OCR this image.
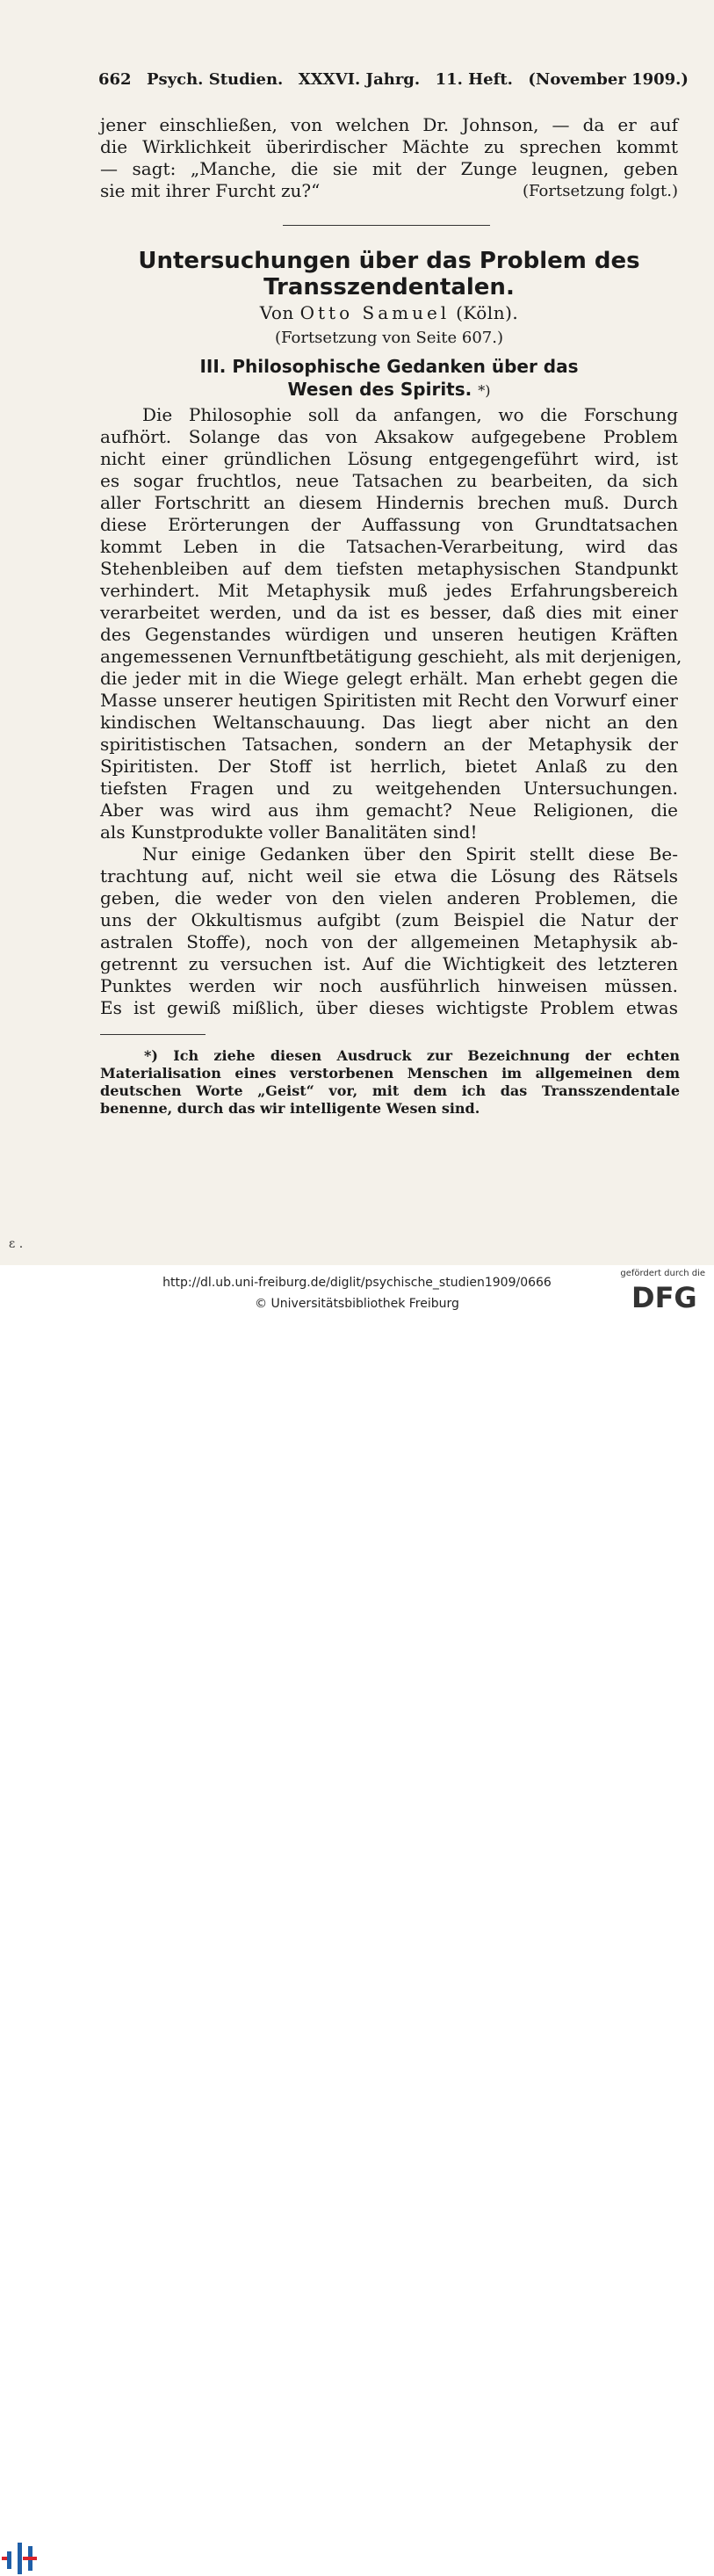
662 Psych. Studien. XXXVI. Jahrg. 11. Heft. (November 1909.)
jener einschließen, von welchen Dr. Johnson, — da er auf
die Wirklichkeit überirdischer Mächte zu sprechen kommt
— sagt: „Manche, die sie mit der Zunge leugnen, geben
sie mit ihrer Furcht zu?“	(Fortsetzung folgt.)
Untersuchungen über das Problem des
Transszendentalen.
Von Otto Samuel (Köln).
(Fortsetzung von Seite 607.)
III. Philosophische Gedanken über das
Wesen des Spirits. *)
Die Philosophie soll da anfangen, wo die Forschung
aufhört. Solange das von Aksakow aufgegebene Problem
nicht einer gründlichen Lösung entgegengeführt wird, ist
es sogar fruchtlos, neue Tatsachen zu bearbeiten, da sich
aller Fortschritt an diesem Hindernis brechen muß. Durch
diese Erörterungen der Auffassung von Grundtatsachen
kommt Leben in die Tatsachen-Verarbeitung, wird das
Stehenbleiben auf dem tiefsten metaphysischen Standpunkt
verhindert. Mit Metaphysik muß jedes Erfahrungsbereich
verarbeitet werden, und da ist es besser, daß dies mit einer
des Gegenstandes würdigen und unseren heutigen Kräften
angemessenen Vernunftbetätigung geschieht, als mit derjenigen,
die jeder mit in die Wiege gelegt erhält. Man erhebt gegen die
Masse unserer heutigen Spiritisten mit Recht den Vorwurf einer
kindischen Weltanschauung. Das liegt aber nicht an den
spiritistischen Tatsachen, sondern an der Metaphysik der
Spiritisten. Der Stoff ist herrlich, bietet Anlaß zu den
tiefsten Fragen und zu weitgehenden Untersuchungen.
Aber was wird aus ihm gemacht? Neue Religionen, die
als Kunstprodukte voller Banalitäten sind!
Nur einige Gedanken über den Spirit stellt diese Be-
trachtung auf, nicht weil sie etwa die Lösung des Rätsels
geben, die weder von den vielen anderen Problemen, die
uns der Okkultismus aufgibt (zum Beispiel die Natur der
astralen Stoffe), noch von der allgemeinen Metaphysik ab-
getrennt zu versuchen ist. Auf die Wichtigkeit des letzteren
Punktes werden wir noch ausführlich hinweisen müssen.
Es ist gewiß mißlich, über dieses wichtigste Problem etwas
*) Ich ziehe diesen Ausdruck zur Bezeichnung der echten
Materialisation eines verstorbenen Menschen im allgemeinen dem
deutschen Worte „Geist“ vor, mit dem ich das Transszendentale
benenne, durch das wir intelligente Wesen sind.
ɛ .
http://dl.ub.uni-freiburg.de/diglit/psychische_studien1909/0666
© Universitätsbibliothek Freiburg
gefördert durch die
DFG
